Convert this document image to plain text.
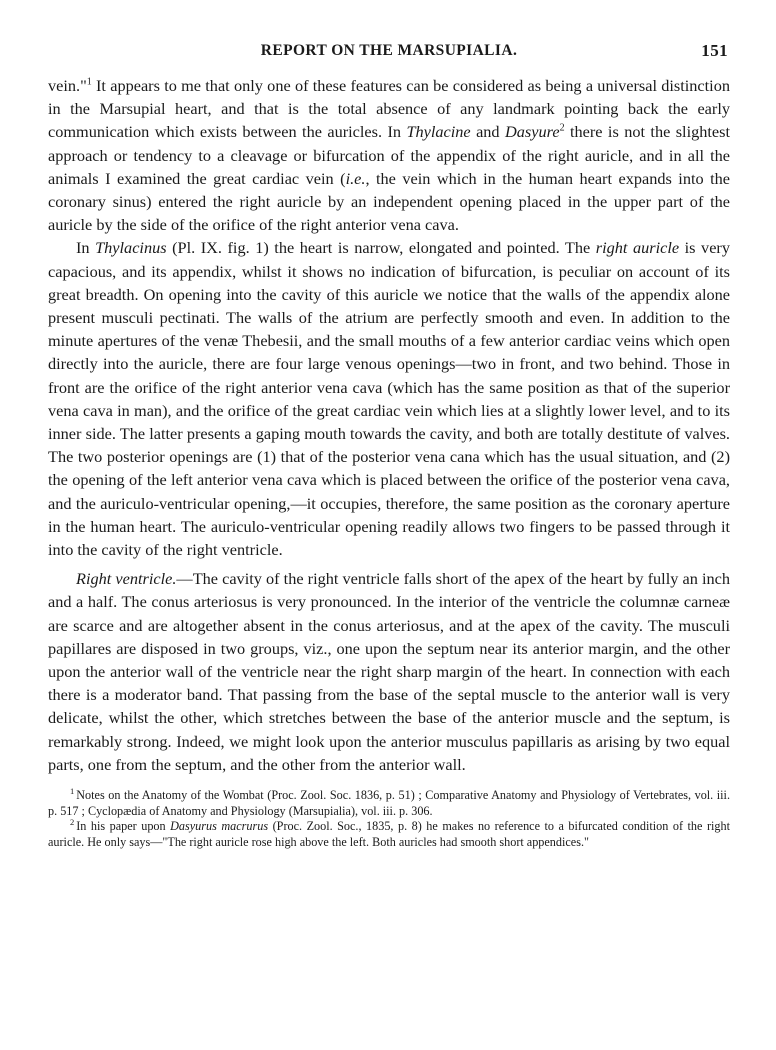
REPORT ON THE MARSUPIALIA.	151

vein."$^1$ It appears to me that only one of these features can be considered as being a universal distinction in the Marsupial heart, and that is the total absence of any landmark pointing back the early communication which exists between the auricles. In Thylacine and Dasyure$^2$ there is not the slightest approach or tendency to a cleavage or bifurcation of the appendix of the right auricle, and in all the animals I examined the great cardiac vein (i.e., the vein which in the human heart expands into the coronary sinus) entered the right auricle by an independent opening placed in the upper part of the auricle by the side of the orifice of the right anterior vena cava.

In Thylacinus (Pl. IX. fig. 1) the heart is narrow, elongated and pointed. The right auricle is very capacious, and its appendix, whilst it shows no indication of bifurcation, is peculiar on account of its great breadth. On opening into the cavity of this auricle we notice that the walls of the appendix alone present musculi pectinati. The walls of the atrium are perfectly smooth and even. In addition to the minute apertures of the venæ Thebesii, and the small mouths of a few anterior cardiac veins which open directly into the auricle, there are four large venous openings—two in front, and two behind. Those in front are the orifice of the right anterior vena cava (which has the same position as that of the superior vena cava in man), and the orifice of the great cardiac vein which lies at a slightly lower level, and to its inner side. The latter presents a gaping mouth towards the cavity, and both are totally destitute of valves. The two posterior openings are (1) that of the posterior vena cana which has the usual situation, and (2) the opening of the left anterior vena cava which is placed between the orifice of the posterior vena cava, and the auriculo-ventricular opening,—it occupies, therefore, the same position as the coronary aperture in the human heart. The auriculo-ventricular opening readily allows two fingers to be passed through it into the cavity of the right ventricle.

Right ventricle.—The cavity of the right ventricle falls short of the apex of the heart by fully an inch and a half. The conus arteriosus is very pronounced. In the interior of the ventricle the columnæ carneæ are scarce and are altogether absent in the conus arteriosus, and at the apex of the cavity. The musculi papillares are disposed in two groups, viz., one upon the septum near its anterior margin, and the other upon the anterior wall of the ventricle near the right sharp margin of the heart. In connection with each there is a moderator band. That passing from the base of the septal muscle to the anterior wall is very delicate, whilst the other, which stretches between the base of the anterior muscle and the septum, is remarkably strong. Indeed, we might look upon the anterior musculus papillaris as arising by two equal parts, one from the septum, and the other from the anterior wall.

$^1$ Notes on the Anatomy of the Wombat (Proc. Zool. Soc. 1836, p. 51) ; Comparative Anatomy and Physiology of Vertebrates, vol. iii. p. 517 ; Cyclopædia of Anatomy and Physiology (Marsupialia), vol. iii. p. 306.

$^2$ In his paper upon Dasyurus macrurus (Proc. Zool. Soc., 1835, p. 8) he makes no reference to a bifurcated condition of the right auricle. He only says—"The right auricle rose high above the left. Both auricles had smooth short appendices."
